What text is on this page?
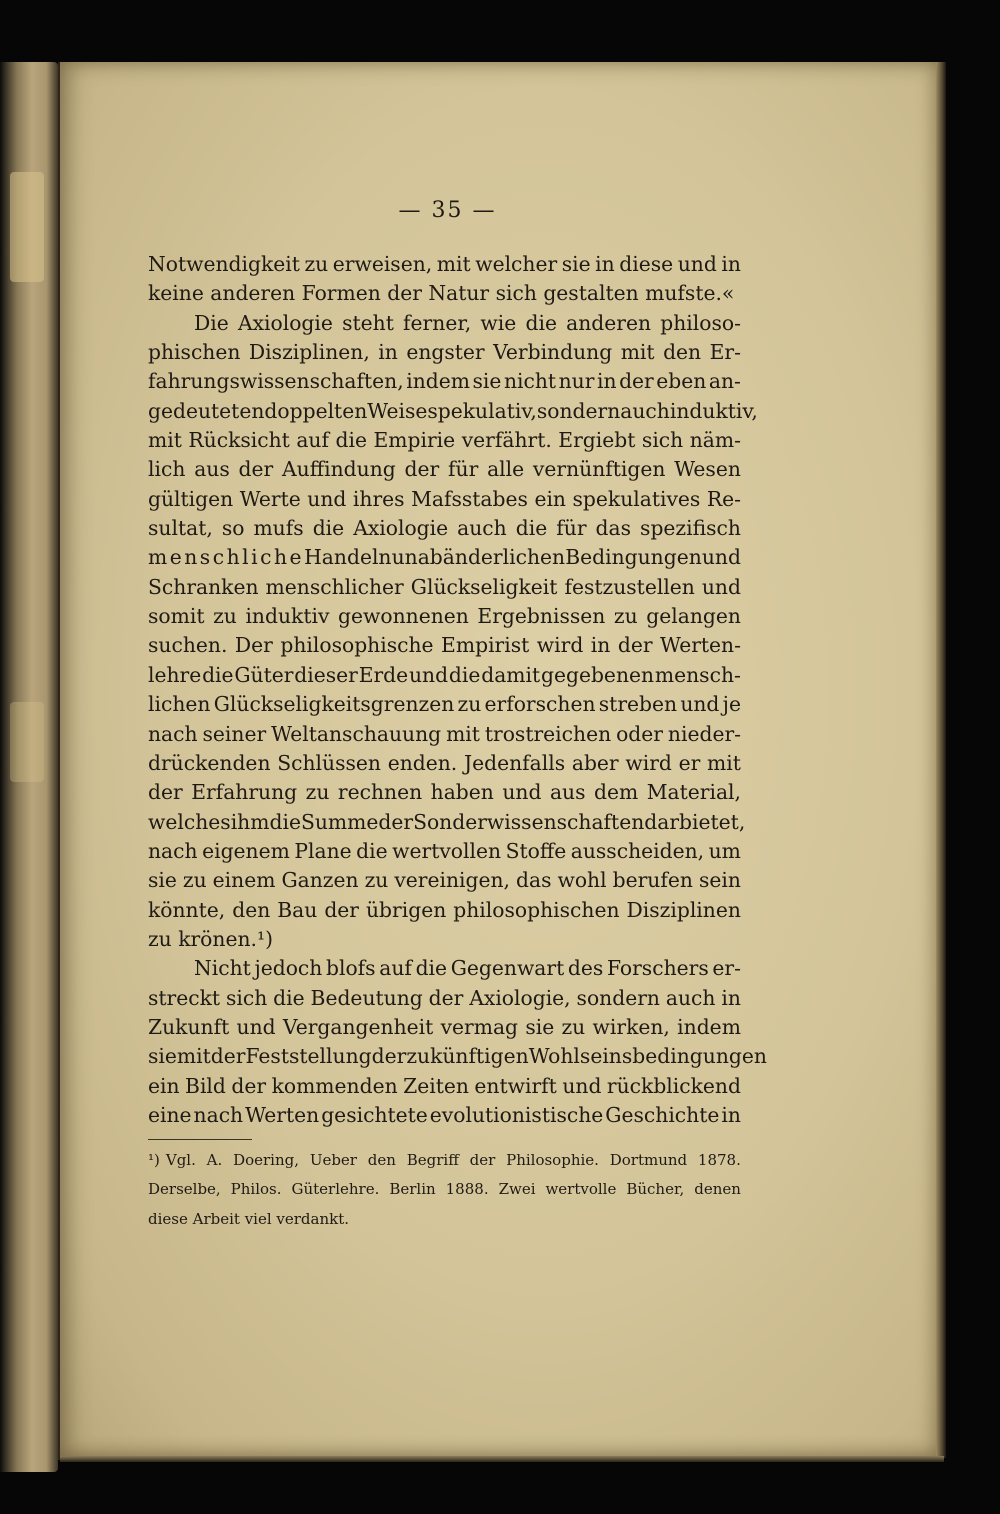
— 35 —
Notwendigkeit zu erweisen, mit welcher sie in diese und in
keine anderen Formen der Natur sich gestalten mufste.«
Die Axiologie steht ferner, wie die anderen philoso-
phischen Disziplinen, in engster Verbindung mit den Er-
fahrungswissenschaften, indem sie nicht nur in der eben an-
gedeuteten doppelten Weise spekulativ, sondern auch induktiv,
mit Rücksicht auf die Empirie verfährt. Ergiebt sich näm-
lich aus der Auffindung der für alle vernünftigen Wesen
gültigen Werte und ihres Mafsstabes ein spekulatives Re-
sultat, so mufs die Axiologie auch die für das spezifisch
menschliche Handeln unabänderlichen Bedingungen und
Schranken menschlicher Glückseligkeit festzustellen und
somit zu induktiv gewonnenen Ergebnissen zu gelangen
suchen. Der philosophische Empirist wird in der Werten-
lehre die Güter dieser Erde und die damit gegebenen mensch-
lichen Glückseligkeitsgrenzen zu erforschen streben und je
nach seiner Weltanschauung mit trostreichen oder nieder-
drückenden Schlüssen enden. Jedenfalls aber wird er mit
der Erfahrung zu rechnen haben und aus dem Material,
welches ihm die Summe der Sonderwissenschaften darbietet,
nach eigenem Plane die wertvollen Stoffe ausscheiden, um
sie zu einem Ganzen zu vereinigen, das wohl berufen sein
könnte, den Bau der übrigen philosophischen Disziplinen
zu krönen.¹)
Nicht jedoch blofs auf die Gegenwart des Forschers er-
streckt sich die Bedeutung der Axiologie, sondern auch in
Zukunft und Vergangenheit vermag sie zu wirken, indem
sie mit der Feststellung der zukünftigen Wohlseinsbedingungen
ein Bild der kommenden Zeiten entwirft und rückblickend
eine nach Werten gesichtete evolutionistische Geschichte in
¹) Vgl. A. Doering, Ueber den Begriff der Philosophie. Dortmund 1878.
Derselbe, Philos. Güterlehre. Berlin 1888. Zwei wertvolle Bücher, denen
diese Arbeit viel verdankt.
